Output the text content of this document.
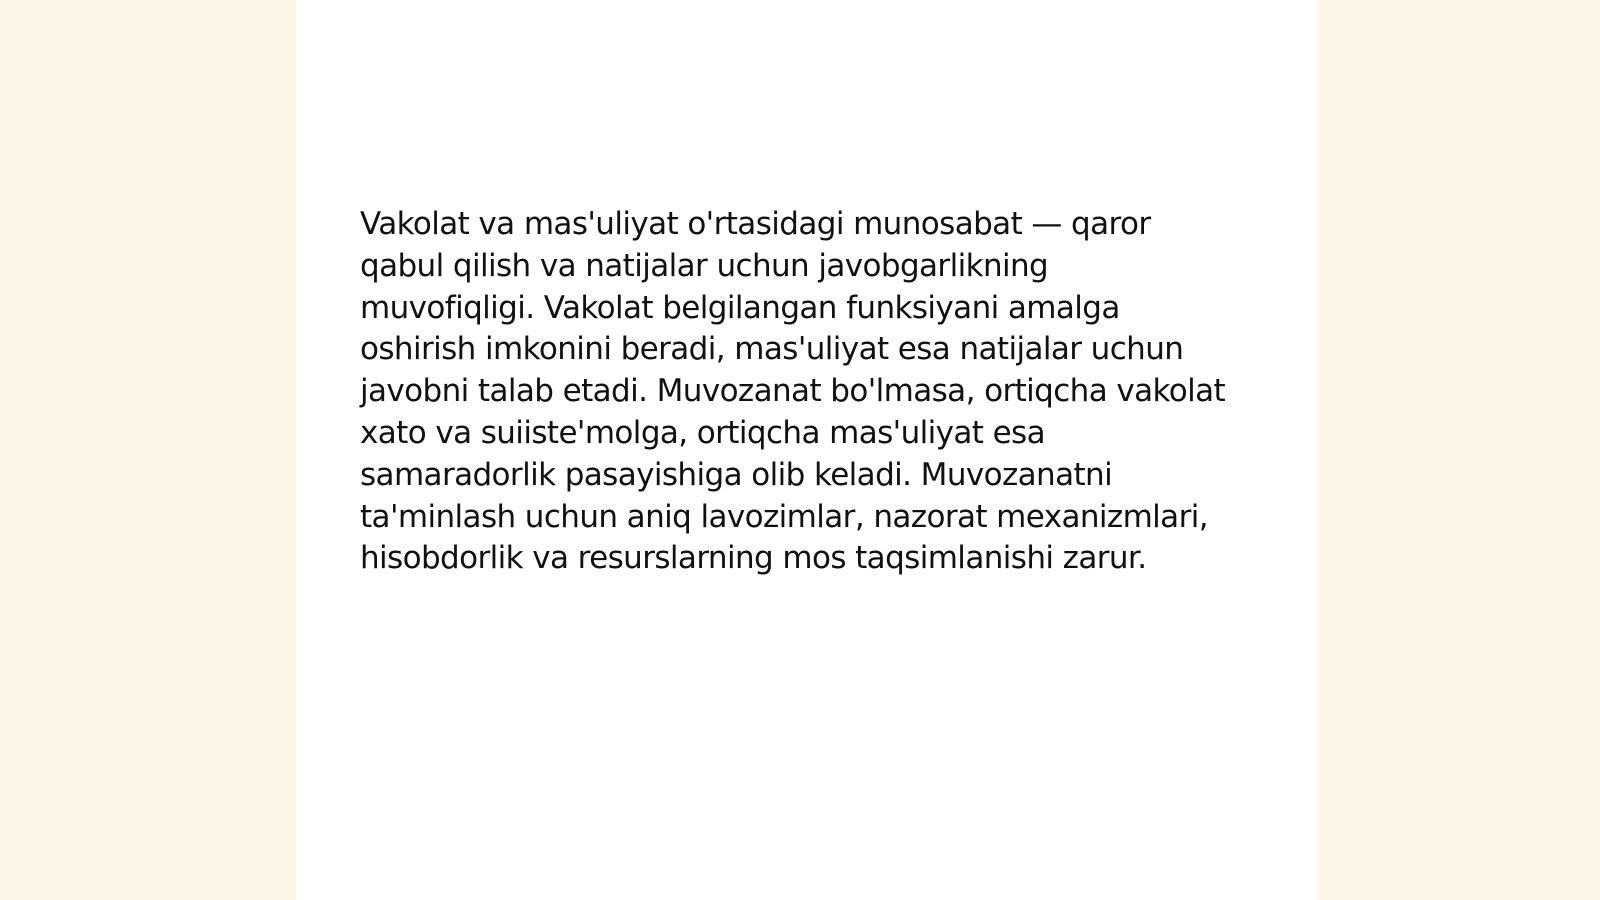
Vakolat va mas'uliyat o'rtasidagi munosabat — qaror qabul qilish va natijalar uchun javobgarlikning muvofiqligi. Vakolat belgilangan funksiyani amalga oshirish imkonini beradi, mas'uliyat esa natijalar uchun javobni talab etadi. Muvozanat bo'lmasa, ortiqcha vakolat xato va suiiste'molga, ortiqcha mas'uliyat esa samaradorlik pasayishiga olib keladi. Muvozanatni ta'minlash uchun aniq lavozimlar, nazorat mexanizmlari, hisobdorlik va resurslarning mos taqsimlanishi zarur.
